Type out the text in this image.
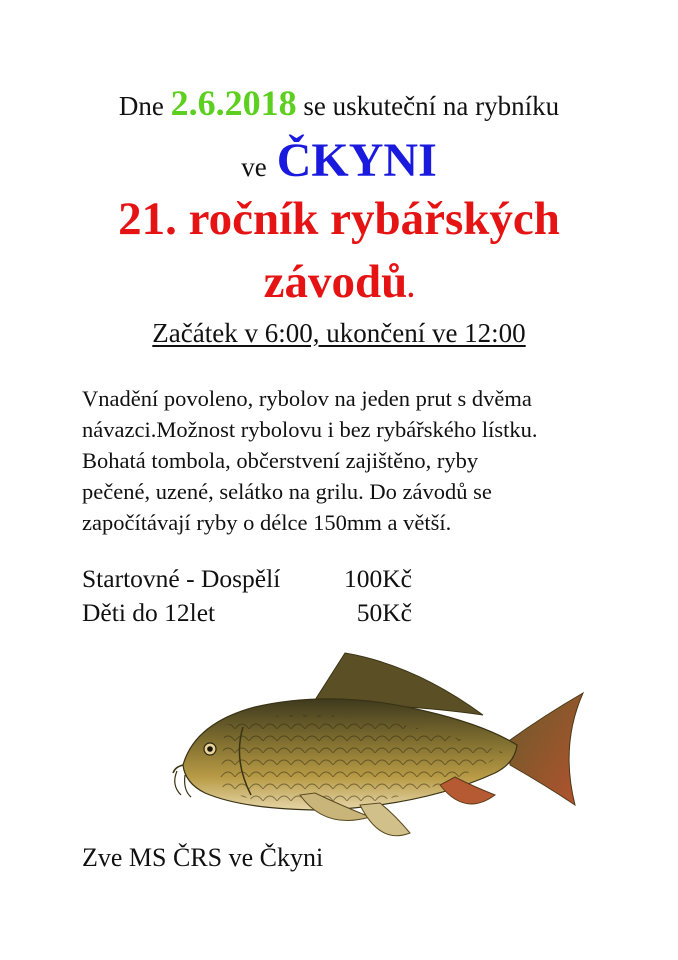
Dne 2.6.2018 se uskuteční na rybníku
ve ČKYNI
21. ročník rybářských
závodů.
Začátek v 6:00, ukončení ve 12:00
Vnadění povoleno, rybolov na jeden prut s dvěma
návazci.Možnost rybolovu i bez rybářského lístku.
Bohatá tombola, občerstvení zajištěno, ryby
pečené, uzené, selátko na grilu. Do závodů se
započítávají ryby o délce 150mm a větší.
Startovné - Dospělí 100Kč
Děti do 12let	50Kč
Zve MS ČRS ve Čkyni
